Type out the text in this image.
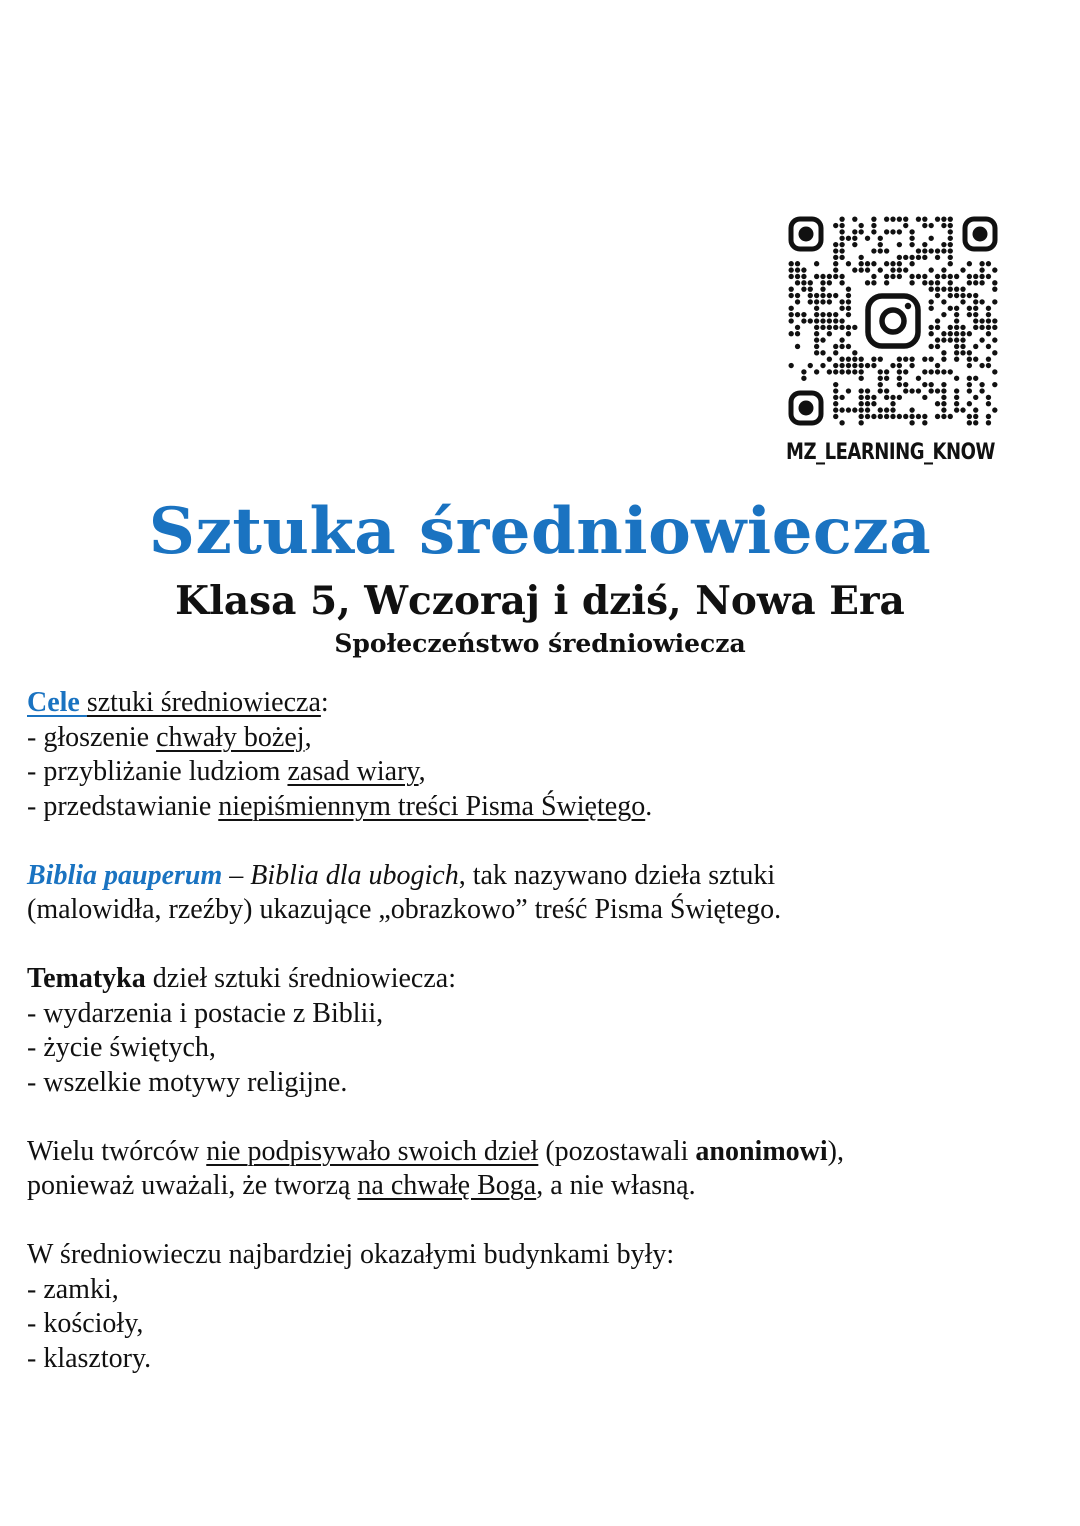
MZ_LEARNING_KNOW
Sztuka średniowiecza
Klasa 5, Wczoraj i dziś, Nowa Era
Społeczeństwo średniowiecza

Cele sztuki średniowiecza:

- głoszenie chwały bożej,

- przybliżanie ludziom zasad wiary,

- przedstawianie niepiśmiennym treści Pisma Świętego.

Biblia pauperum – Biblia dla ubogich, tak nazywano dzieła sztuki

(malowidła, rzeźby) ukazujące „obrazkowo” treść Pisma Świętego.

Tematyka dzieł sztuki średniowiecza:

- wydarzenia i postacie z Biblii,

- życie świętych,

- wszelkie motywy religijne.

Wielu twórców nie podpisywało swoich dzieł (pozostawali anonimowi),

ponieważ uważali, że tworzą na chwałę Boga, a nie własną.

W średniowieczu najbardziej okazałymi budynkami były:

- zamki,

- kościoły,

- klasztory.
